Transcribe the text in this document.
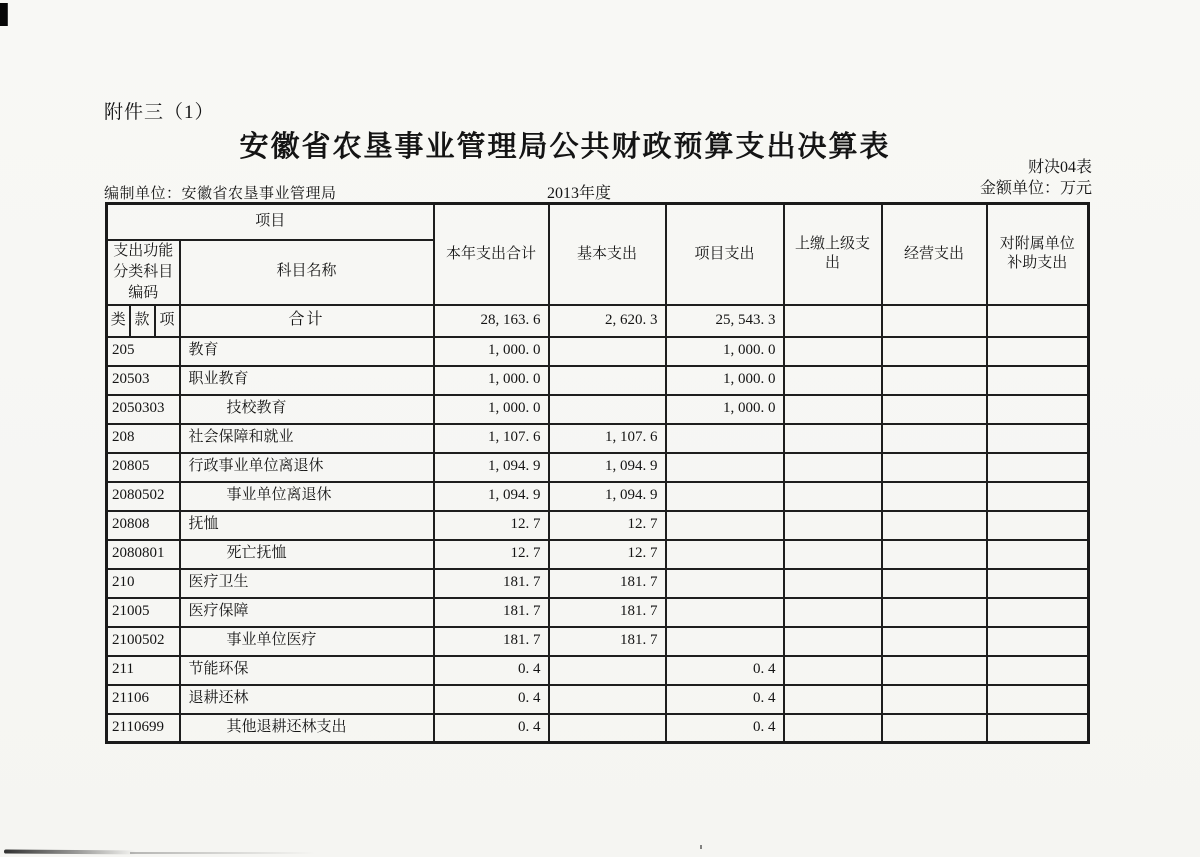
附件三（1）
安徽省农垦事业管理局公共财政预算支出决算表
财决04表
金额单位：万元
编制单位：安徽省农垦事业管理局	2013年度
项目				本年支出合计	基本支出	项目支出	上缴上级支出	经营支出	对附属单位补助支出
支出功能分类科目编码			科目名称						
类	款	项	合计	28, 163. 6	2, 620. 3	25, 543. 3			
205			教育	1, 000. 0		1, 000. 0			
20503			职业教育	1, 000. 0		1, 000. 0			
2050303			技校教育	1, 000. 0		1, 000. 0			
208			社会保障和就业	1, 107. 6	1, 107. 6				
20805			行政事业单位离退休	1, 094. 9	1, 094. 9				
2080502			事业单位离退休	1, 094. 9	1, 094. 9				
20808			抚恤	12. 7	12. 7				
2080801			死亡抚恤	12. 7	12. 7				
210			医疗卫生	181. 7	181. 7				
21005			医疗保障	181. 7	181. 7				
2100502			事业单位医疗	181. 7	181. 7				
211			节能环保	0. 4		0. 4			
21106			退耕还林	0. 4		0. 4			
2110699			其他退耕还林支出	0. 4		0. 4			
